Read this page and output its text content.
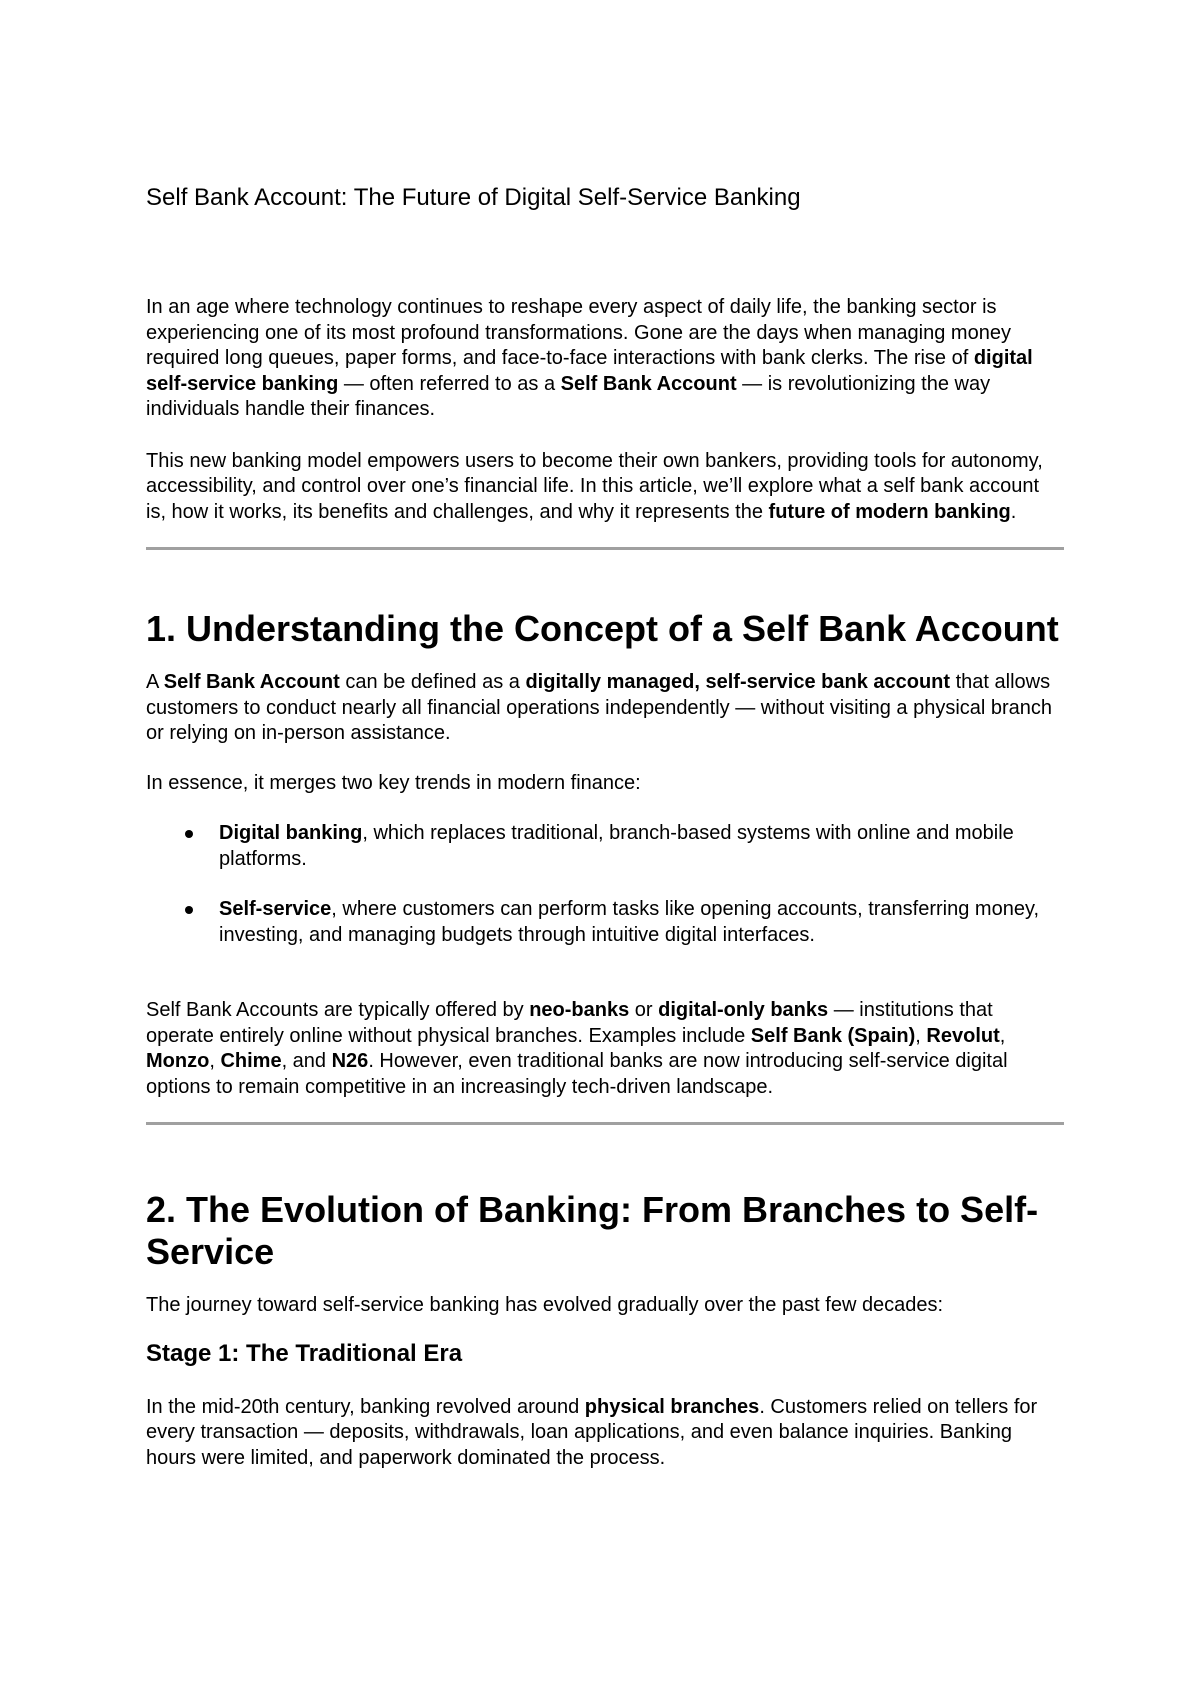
Self Bank Account: The Future of Digital Self-Service Banking

In an age where technology continues to reshape every aspect of daily life, the banking sector is experiencing one of its most profound transformations. Gone are the days when managing money required long queues, paper forms, and face-to-face interactions with bank clerks. The rise of digital self-service banking — often referred to as a Self Bank Account — is revolutionizing the way individuals handle their finances.

This new banking model empowers users to become their own bankers, providing tools for autonomy, accessibility, and control over one’s financial life. In this article, we’ll explore what a self bank account is, how it works, its benefits and challenges, and why it represents the future of modern banking.

1. Understanding the Concept of a Self Bank Account

A Self Bank Account can be defined as a digitally managed, self-service bank account that allows customers to conduct nearly all financial operations independently — without visiting a physical branch or relying on in-person assistance.

In essence, it merges two key trends in modern finance:

Digital banking, which replaces traditional, branch-based systems with online and mobile platforms.
Self-service, where customers can perform tasks like opening accounts, transferring money, investing, and managing budgets through intuitive digital interfaces.

Self Bank Accounts are typically offered by neo-banks or digital-only banks — institutions that operate entirely online without physical branches. Examples include Self Bank (Spain), Revolut, Monzo, Chime, and N26. However, even traditional banks are now introducing self-service digital options to remain competitive in an increasingly tech-driven landscape.

2. The Evolution of Banking: From Branches to Self-Service

The journey toward self-service banking has evolved gradually over the past few decades:

Stage 1: The Traditional Era

In the mid-20th century, banking revolved around physical branches. Customers relied on tellers for every transaction — deposits, withdrawals, loan applications, and even balance inquiries. Banking hours were limited, and paperwork dominated the process.
